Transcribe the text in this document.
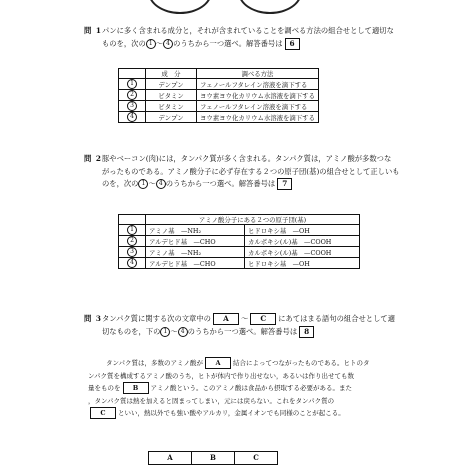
問 1 パンに多く含まれる成分と，それが含まれていることを調べる方法の組合せとして適切な
ものを，次の 1 ～ 4 のうちから一つ選べ。解答番号は 6
	成　分	調べる方法
1	デンプン	フェノールフタレイン溶液を滴下する
2	ビタミン	ヨウ素ヨウ化カリウム水溶液を滴下する
3	ビタミン	フェノールフタレイン溶液を滴下する
4	デンプン	ヨウ素ヨウ化カリウム水溶液を滴下する
問 2 豚やベーコン(肉)には，タンパク質が多く含まれる。タンパク質は，アミノ酸が多数つな
がったものである。アミノ酸分子に必ず存在する２つの原子団(基)の組合せとして正しいも
のを，次の 1 ～ 4 のうちから一つ選べ。解答番号は 7
	アミノ酸分子にある２つの原子団(基)	
1	アミノ基　—NH₂	ヒドロキシ基　—OH
2	アルデヒド基　—CHO	カルボキシ(ル)基　—COOH
3	アミノ基　—NH₂	カルボキシ(ル)基　—COOH
4	アルデヒド基　—CHO	ヒドロキシ基　—OH
問 3 タンパク質に関する次の文章中の A ～ C にあてはまる語句の組合せとして適
切なものを，下の 1 ～ 4 のうちから一つ選べ。解答番号は 8
タンパク質は，多数のアミノ酸が A 結合によってつながったものである。ヒトのタ
ンパク質を構成するアミノ酸のうち，ヒトが体内で作り出せない，あるいは作り出せても数
量をものを B アミノ酸という。このアミノ酸は食品から摂取する必要がある。また
，タンパク質は熱を加えると固まってしまい，元には戻らない。これをタンパク質の
C といい，熱以外でも強い酸やアルカリ，金属イオンでも同様のことが起こる。
A	B	C
